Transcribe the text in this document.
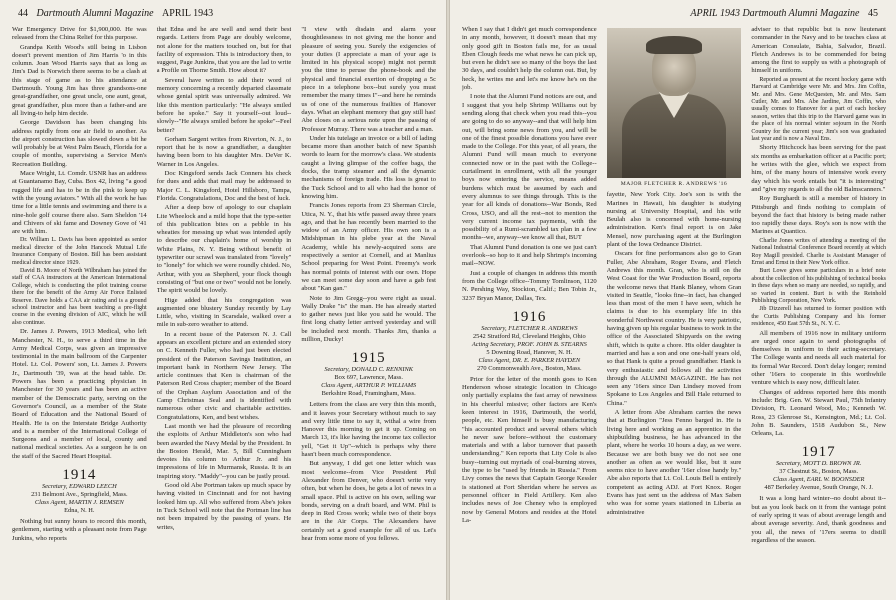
44 Dartmouth Alumni Magazine APRIL 1943

War Emergency Drive for $1,900,000. He was released from the China Relief for this purpose.

Grandpa Keith Wood's still being in Lisbon doesn't prevent mention of Jim Harris 'o in this column. Joan Wood Harris says that as long as Jim's Dad is Norwich there seems to be a clash at this stage of game as to his attendance at Dartmouth. Young Jim has three grandsons-one great-grandfather, one great uncle, one aunt, great, great grandfather, plus more than a father-and are all living-to help him decide.

George Davidson has been changing his address rapidly from one air field to another. As the airport construction has slowed down a bit he will probably be at West Palm Beach, Florida for a couple of months, supervising a Service Men's Recreation Building.

Mace Wright, Lt. Comdr. USNR has an address at Guantanamo Bay, Cuba. Box 42, living "a good rugged life and has to be in the pink to keep up with the young aviators." With all the work he has time for a little tennis and swimming and there is a nine-hole golf course there also. Sam Sheldon '14 and Chivers of ski fame and Downey Gove of '41 are with him.

Dr. William L. Davis has been appointed as senior medical director of the John Hancock Mutual Life Insurance Company of Boston. Bill has been assistant medical director since 1929.

David B. Moore of North Wilbraham has joined the staff of CAA instructors at the American International College, which is conducting the pilot training course there for the benefit of the Army Air Force Enlisted Reserve. Dave holds a CAA air rating and is a ground school instructor and has been teaching a pre-flight course in the evening division of AIC, which he will also continue.

Dr. James J. Powers, 1913 Medical, who left Manchester, N. H., to serve a third time in the Army Medical Corps, was given an impressive testimonial in the main ballroom of the Carpenter Hotel. Lt. Col. Powers' son, Lt. James J. Powers Jr., Dartmouth '39, was at the head table. Dr. Powers has been a practicing physician in Manchester for 30 years and has been an active member of the Democratic party, serving on the Governor's Council, as a member of the State Board of Education and the National Board of Health. He is on the Interstate Bridge Authority and is a member of the International College of Surgeons and a member of local, county and national medical societies. As a surgeon he is on the staff of the Sacred Heart Hospital.

1914
Secretary, EDWARD LEECH
231 Belmont Ave., Springfield, Mass.
Class Agent, MARTIN J. REMSEN
Edna, N. H.

Nothing but sunny hours to record this month, gentlemen, starting with a pleasant note from Page Junkins, who reports

that Edna and he are well and send their best regards. Letters from Page are doubly welcome, not alone for the matters touched on, but for that facility of expression. This is introductory then, to suggest, Page Junkins, that you are the lad to write a Profile on Thorne Smith. How about it?

Several have written to add their word of memory concerning a recently departed classmate whose genial spirit was universally admired. We like this mention particularly: "He always smiled before he spoke." Say it yourself--out loud--slowly--"He always smiled before he spoke"--Feel better?

Gorham Sargent writes from Riverton, N. J., to report that he is now a grandfather, a daughter having been born to his daughter Mrs. DeVer K. Warner in Los Angeles.

Doc Kingsford sends Jack Conners his check for dues and adds that mail may be addressed to Major C. L. Kingsford, Hotel Hillsboro, Tampa, Florida. Congratulations, Doc and the best of luck.

After a deep bow of apology to our chaplain Lite Wheelock and a mild hope that the type-setter of this publication bites on a pebble in his wheaties for messing up what was intended aptly to describe our chaplain's home of worship in White Plains, N. Y. Being without benefit of typewriter our scrawl was translated from "lovely" to "lonely" for which we were roundly chided. No, Arthur, with you as Shepherd, your flock though consisting of "but one or two" would not be lonely. The spirit would be lovely.

Hige added that his congregation was augmented one blustery Sunday recently by Lay Little, who, visiting in Scarsdale, walked over a mile in sub-zero weather to attend.

In a recent issue of the Paterson N. J. Call appears an excellent picture and an extended story on C. Kenneth Fuller, who had just been elected president of the Paterson Savings Institution, an important bank in Northern New Jersey. The article continues that Ken is chairman of the Paterson Red Cross chapter; member of the Board of the Orphan Asylum Association and of the Camp Christmas Seal and is identified with numerous other civic and charitable activities. Congratulations, Ken, and best wishes.

Last month we had the pleasure of recording the exploits of Arthur Middleton's son who had been awarded the Navy Medal by the President. In the Boston Herald, Mar. 5, Bill Cunningham devotes his column to Arthur Jr. and his impressions of life in Murmansk, Russia. It is an inspiring story. "Maddy"--you can be justly proud.

Good old Abe Portman takes up much space by having visited in Cincinnati and for not having looked him up. All who suffered from Abe's jokes in Tuck School will note that the Portman line has not been impaired by the passing of years. He writes,

"I view with disdain and alarm your thoughtlessness in not giving me the honor and pleasure of seeing you. Surely the exigencies of your duties (I appreciate a man of your age is limited in his physical scope) might not permit you the time to peruse the phone-book and the physical and financial exertion of dropping a 5c piece in a telephone box--but surely you must remember the many times I"--and here he reminds us of one of the numerous frailties of Hanover days. What an elephant memory that guy still has! Abe closes on a serious note upon the passing of Professor Murray. There was a teacher and a man.

Under his tutelage an invoice or a bill of lading became more than another batch of new Spanish words to learn for the morrow's class. We students caught a living glimpse of the coffee bags, the docks, the tramp steamer and all the dynamic mechanisms of foreign trade. His loss is great to the Tuck School and to all who had the honor of knowing him.

Francis Jones reports from 23 Sherman Circle, Utica, N. Y., that his wife passed away three years ago, and that he has recently been married to the widow of an Army officer. His own son is a Midshipman in his plebe year at the Naval Academy, while his newly-acquired sons are respectively a senior at Cornell, and at Manlius School preparing for West Point. Freemy's work has normal points of interest with our own. Hope we can meet some day soon and have a gab fest about "Kan gan."

Note to Jim Gregg--you were right as usual. Wally Drake "is" the man. He has already started to gather news just like you said he would. The first long chatty letter arrived yesterday and will be included next month. Thanks Jim, thanks a million, Ducky!

1915
Secretary, DONALD C. RENNINK
Box 697, Lawrence, Mass.
Class Agent, ARTHUR P. WILLIAMS
Berkshire Road, Framingham, Mass.

Letters from the class are very thin this month, and it leaves your Secretary without much to say and very little time to say it, withal a wire from Hanover this morning to get it up. Coming on March 13, it's like having the income tax collector yell, "Get it Up"--which is perhaps why there hasn't been much correspondence.

But anyway, I did get one letter which was most welcome--from Vice President Phil Alexander from Denver, who doesn't write very often, but when he does, he gets a lot of news in a small space. Phil is active on his own, selling war bonds, serving on a draft board, and WM. Phil is deep in Red Cross work; while two of their boys are in the Air Corps. The Alexanders have certainly set a good example for all of us. Let's hear from some more of you fellows.

APRIL 1943 Dartmouth Alumni Magazine 45

When I say that I didn't get much correspondence in any month, however, it doesn't mean that my only good gift in Boston fails me, for as usual Eben Clough feeds me what news he can pick up, but even he didn't see so many of the boys the last 30 days, and couldn't help the column out. But, by heck, he writes me and let's me know he's on the job.

I note that the Alumni Fund notices are out, and I suggest that you help Shrimp Williams out by sending along that check when you read this--you are going to do so anyway--and that will help him out, will bring some news from you, and will be one of the finest possible donations you have ever made to the College. For this year, of all years, the Alumni Fund will mean much to everyone connected now or in the past with the College--curtailment in enrollment, with all the younger boys now entering the service, means added burdens which must be assumed by each and every alumnus to see things through. This is the year for all kinds of donations--War Bonds, Red Cross, USO, and all the rest--not to mention the very current income tax payments, with the possibility of a Rumi-scrambled tax plan in a few months--we, anyway--we know all that, BUT

That Alumni Fund donation is one we just can't overlook--so hop to it and help Shrimp's incoming mail--NOW.

Just a couple of changes in address this month from the College office--Tommy Tomlinson, 1120 N. Pershing Way, Stockton, Calif.; Ben Tobin Jr., 3237 Bryan Manor, Dallas, Tex.

1916
Secretary, FLETCHER R. ANDREWS
2542 Stratford Rd, Cleveland Heights, Ohio
Acting Secretary, PROF. JOHN B. STEARNS
5 Downing Road, Hanover, N. H.
Class Agent, DR. E. PARKER HAYDEN
270 Commonwealth Ave., Boston, Mass.

Prior for the letter of the month goes to Ken Henderson whose strategic location in Chicago only partially explains the fast array of newsiness in his cheerful missive; other factors are Ken's keen interest in 1916, Dartmouth, the world, people, etc. Ken himself is busy manufacturing "his accounted product and several others which he never saw before--without the customary materials and with a labor turnover that passeth understanding." Ken reports that Lity Cole is also busy--turning out myriads of coal-burning stoves, the type to be "used by friends in Russia." From Livy comes the news that Captain George Kessler is stationed at Fort Sheridan where he serves as personnel officer in Field Artillery. Ken also includes news of Joe Cheney who is employed now by General Motors and resides at the Hotel La-

MAJOR FLETCHER R. ANDREWS '16

fayette, New York City. Joe's son is with the Marines in Hawaii, his daughter is studying nursing at University Hospital, and his wife Beulah also is concerned with home-nursing administration. Ken's final report is on Jake Mensel, now purchasing agent at the Burlington plant of the Iowa Ordnance District.

Oscars for fine performances also go to Gran Fuller, Abe Abraham, Roger Evans, and Fletch Andrews this month. Gran, who is still on the West Coast for the War Production Board, reports the welcome news that Hank Blaney, whom Gran visited in Seattle, "looks fine--in fact, has changed less than most of the men I have seen, which he claims is due to his exemplary life in this wonderful Northwest country. He is very patriotic, having given up his regular business to work in the office of the Associated Shipyards on the swing shift, which is quite a chore. His older daughter is married and has a son and one one-half years old, so that Hank is quite a proud grandfather. Hank is very enthusiastic and follows all the activities through the ALUMNI MAGAZINE. He has not seen any '16ers since Dan Lindsey moved from Spokane to Los Angeles and Bill Hale returned to China."

A letter from Abe Abraham carries the news that at Burlington "Jess Fenno barged in. He is living here and working as an apprentice in the shipbuilding business, he has advanced in the plant, where he works 10 hours a day, as we were. Because we are both busy we do not see one another as often as we would like, but it sure seems nice to have another '16er close handy by." Abe also reports that Lt. Col. Louis Bell is entirely competent as acting ADJ. at Fort Knox. Roger Evans has just sent us the address of Max Saben who was for some years stationed in Liberia as administrative

adviser to that republic but is now lieutenant commander in the Navy and to be teaches class at American Consulate, Bahia, Salvador, Brazil. Fletch Andrews is to be commended for being among the first to supply us with a photograph of himself in uniform.

Reported as present at the recent hockey game with Harvard at Cambridge were Mr. and Mrs. Jim Coffin, Mr. and Mrs. Gene McQuesten, Mr. and Mrs. Sam Cutler, Mr. and Mrs. Abe Jardine, Jim Coffin, who usually comes to Hanover for a part of each hockey season, writes that this trip to the Harvard game was in the place of his normal winter sojourn in the North Country for the current year; Jim's son was graduated last year and is now a Naval Ens.

Shorty Hitchcock has been serving for the past six months as embarkation officer at a Pacific port; he writes with the glee, which we expect from him, of the many hours of intensive work every day which his work entails but "it is interesting" and "give my regards to all the old Balmscanners."

Roy Burghardt is still a member of history in Pittsburgh and finds nothing to complain of beyond the fact that history is being made rather too rapidly these days. Roy's son is now with the Marines at Quantico.

Charlie Jones writes of attending a meeting of the National Industrial Conference Board recently at which Roy Magill presided. Charlie is Assistant Manager of Ernst and Ernst in their New York office.

Burt Lowe gives some particulars in a brief note about the collection of his publishing of technical books in these days when so many are needed, so rapidly, and so varied in content. Burt is with the Reinhold Publishing Corporation, New York.

Jib Dizzerell has returned to former position with the Curtis Publishing Company and his former residence, 450 East 57th St., N. Y. C.

All members of 1916 now in military uniform are urged once again to send photographs of themselves in uniform to their acting-secretary. The College wants and needs all such material for its formal War Record. Don't delay longer; remind other '16ers to cooperate in this worthwhile venture which is easy now, difficult later.

Changes of address reported here this month include: Brig. Gen. W. Stewart Paul, 75th Infantry Division, Ft. Leonard Wood, Mo.; Kenneth W. Ross, 23 Glenrose St., Kensington, Md.; Lt. Col. John B. Saunders, 1518 Audubon St., New Orleans, La.

1917
Secretary, MOTT D. BROWN JR.
37 Chestnut St., Boston, Mass.
Class Agent, EARL W. BOONSDER
487 Berkeley Avenue, South Orange, N. J.

It was a long hard winter--no doubt about it--but as you look back on it from the vantage point of early spring it was of about average length and about average severity. And, thank goodness and you all, the news of '17ers seems to distill regardless of the season.
